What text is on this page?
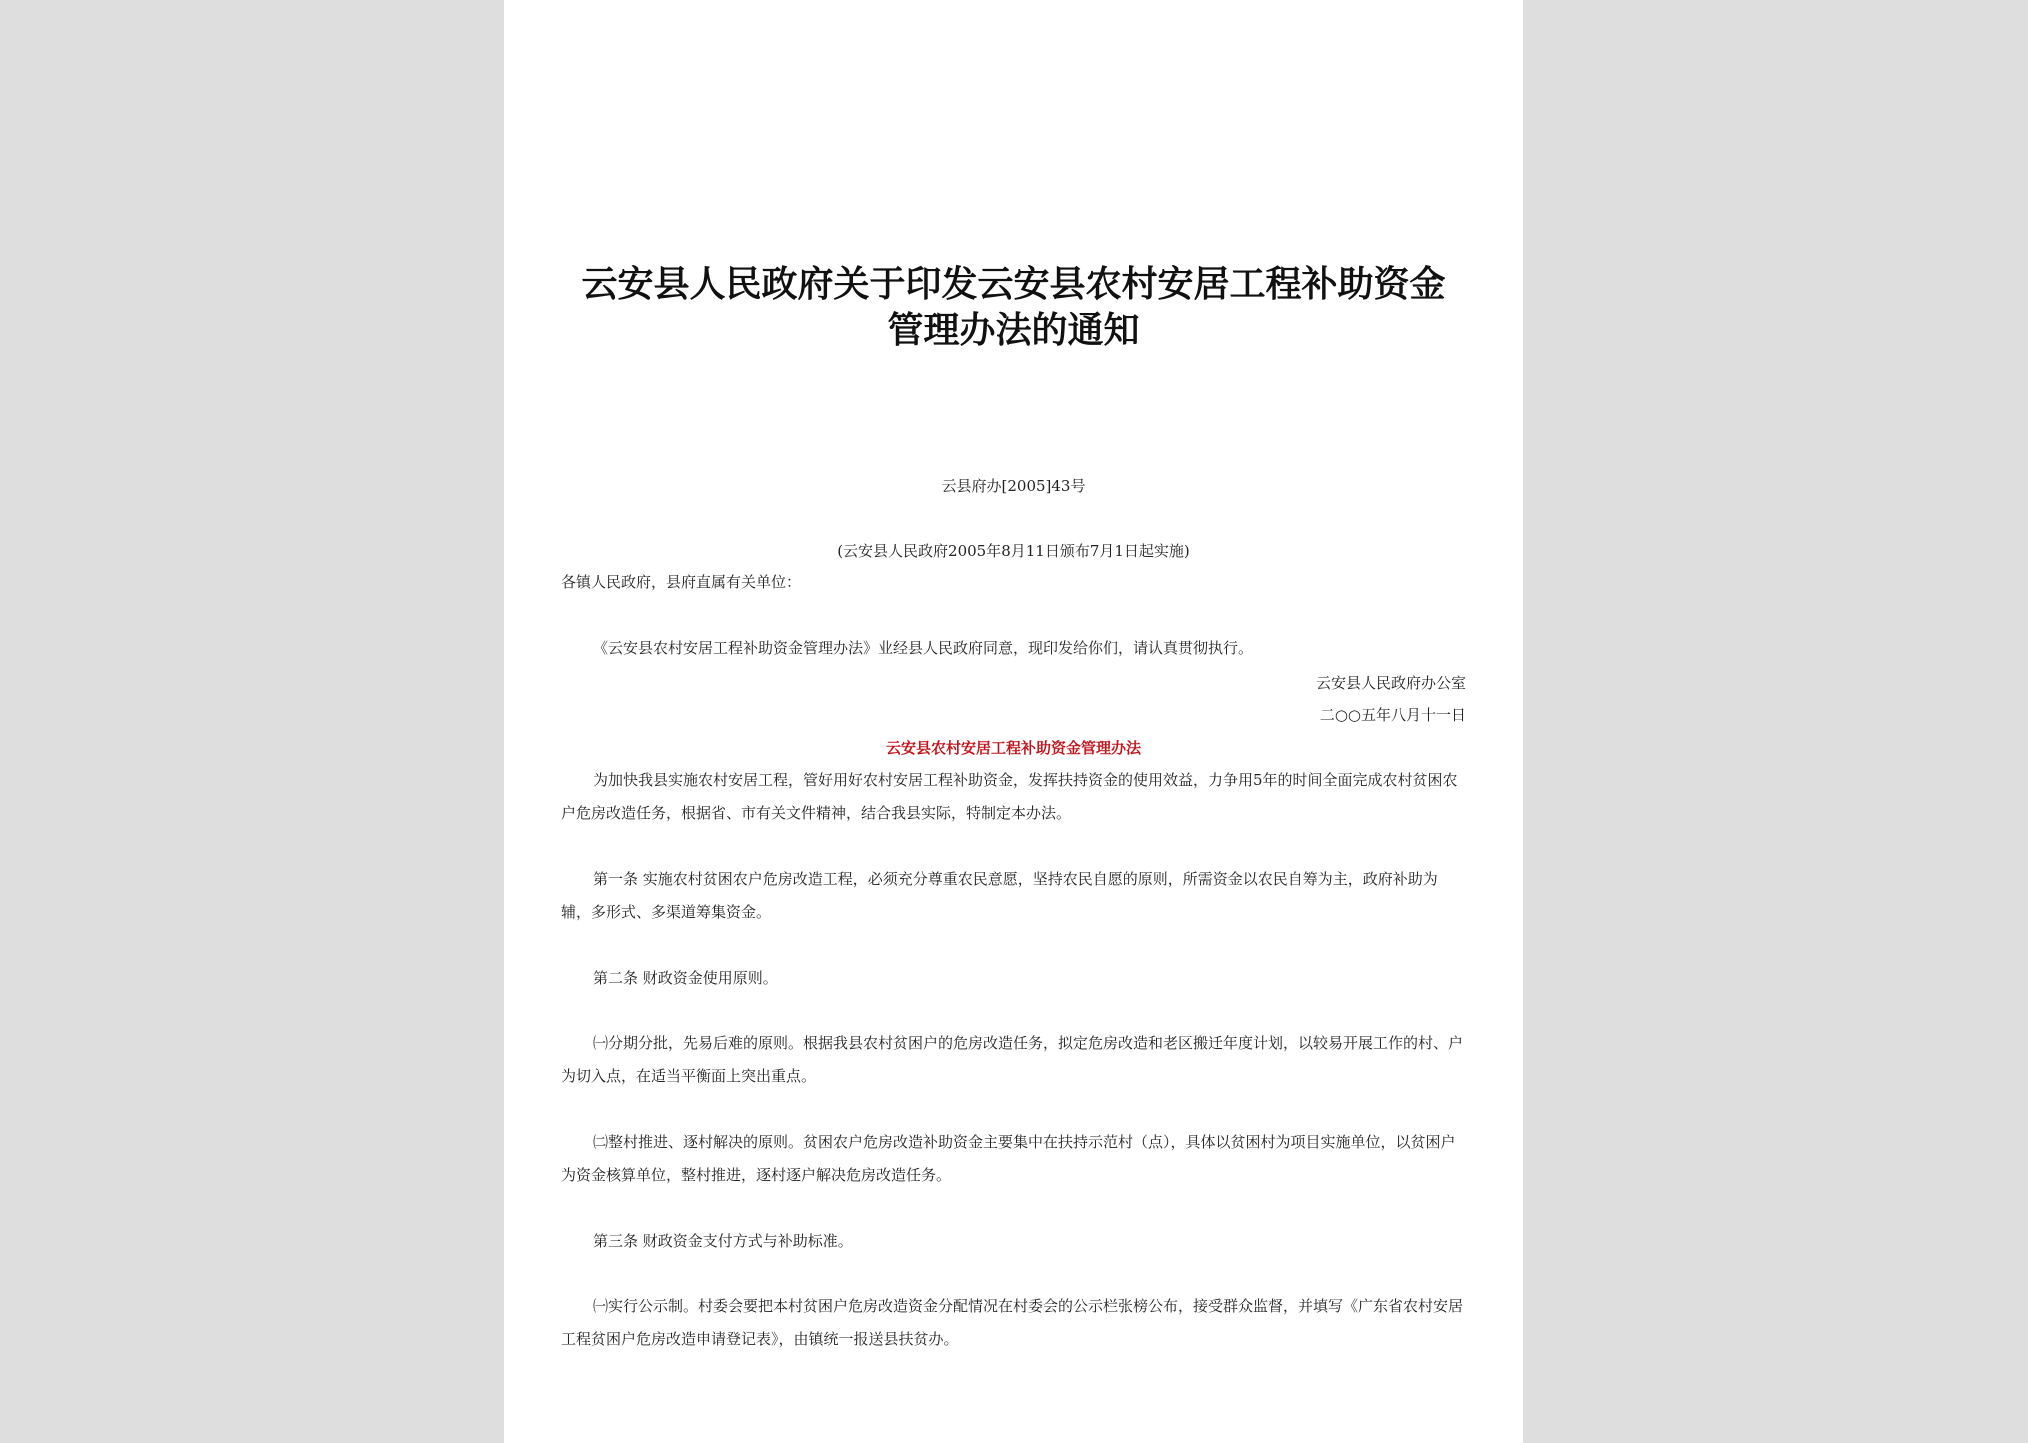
云安县人民政府关于印发云安县农村安居工程补助资金
管理办法的通知
云县府办[2005]43号
(云安县人民政府2005年8月11日颁布7月1日起实施)
各镇人民政府，县府直属有关单位：
《云安县农村安居工程补助资金管理办法》业经县人民政府同意，现印发给你们，请认真贯彻执行。
云安县人民政府办公室
二○○五年八月十一日
云安县农村安居工程补助资金管理办法

为加快我县实施农村安居工程，管好用好农村安居工程补助资金，发挥扶持资金的使用效益，力争用5年的时间全面完成农村贫困农户危房改造任务，根据省、市有关文件精神，结合我县实际，特制定本办法。

第一条 实施农村贫困农户危房改造工程，必须充分尊重农民意愿，坚持农民自愿的原则，所需资金以农民自筹为主，政府补助为辅，多形式、多渠道筹集资金。

第二条 财政资金使用原则。

㈠分期分批，先易后难的原则。根据我县农村贫困户的危房改造任务，拟定危房改造和老区搬迁年度计划，以较易开展工作的村、户为切入点，在适当平衡面上突出重点。

㈡整村推进、逐村解决的原则。贫困农户危房改造补助资金主要集中在扶持示范村（点），具体以贫困村为项目实施单位，以贫困户为资金核算单位，整村推进，逐村逐户解决危房改造任务。

第三条 财政资金支付方式与补助标准。

㈠实行公示制。村委会要把本村贫困户危房改造资金分配情况在村委会的公示栏张榜公布，接受群众监督，并填写《广东省农村安居工程贫困户危房改造申请登记表》，由镇统一报送县扶贫办。
